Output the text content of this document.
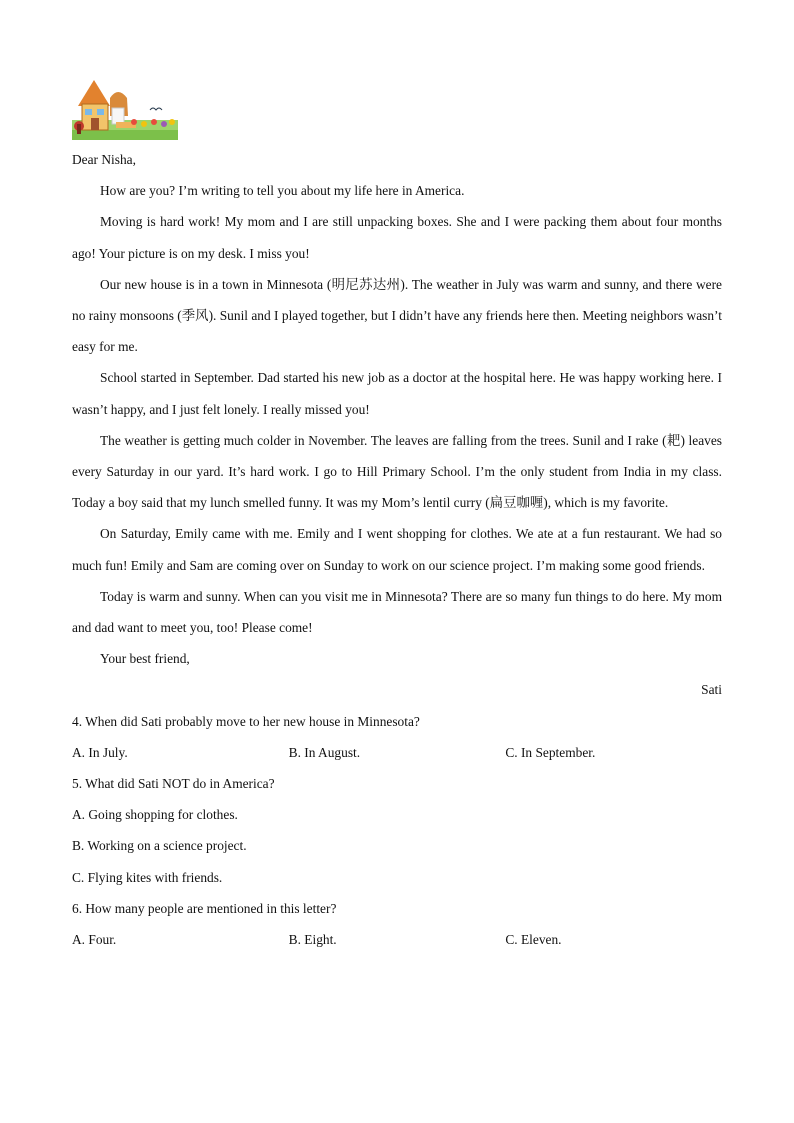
Dear Nisha,

How are you? I’m writing to tell you about my life here in America.

Moving is hard work! My mom and I are still unpacking boxes. She and I were packing them about four months ago! Your picture is on my desk. I miss you!

Our new house is in a town in Minnesota (明尼苏达州). The weather in July was warm and sunny, and there were no rainy monsoons (季风). Sunil and I played together, but I didn’t have any friends here then. Meeting neighbors wasn’t easy for me.

School started in September. Dad started his new job as a doctor at the hospital here. He was happy working here. I wasn’t happy, and I just felt lonely. I really missed you!

The weather is getting much colder in November. The leaves are falling from the trees. Sunil and I rake (耙) leaves every Saturday in our yard. It’s hard work. I go to Hill Primary School. I’m the only student from India in my class. Today a boy said that my lunch smelled funny. It was my Mom’s lentil curry (扁豆咖喱), which is my favorite.

On Saturday, Emily came with me. Emily and I went shopping for clothes. We ate at a fun restaurant. We had so much fun! Emily and Sam are coming over on Sunday to work on our science project. I’m making some good friends.

Today is warm and sunny. When can you visit me in Minnesota? There are so many fun things to do here. My mom and dad want to meet you, too! Please come!

Your best friend,

Sati

4. When did Sati probably move to her new house in Minnesota?

A. In July.	B. In August.	C. In September.

5. What did Sati NOT do in America?

A. Going shopping for clothes.

B. Working on a science project.

C. Flying kites with friends.

6. How many people are mentioned in this letter?

A. Four.	B. Eight.	C. Eleven.
